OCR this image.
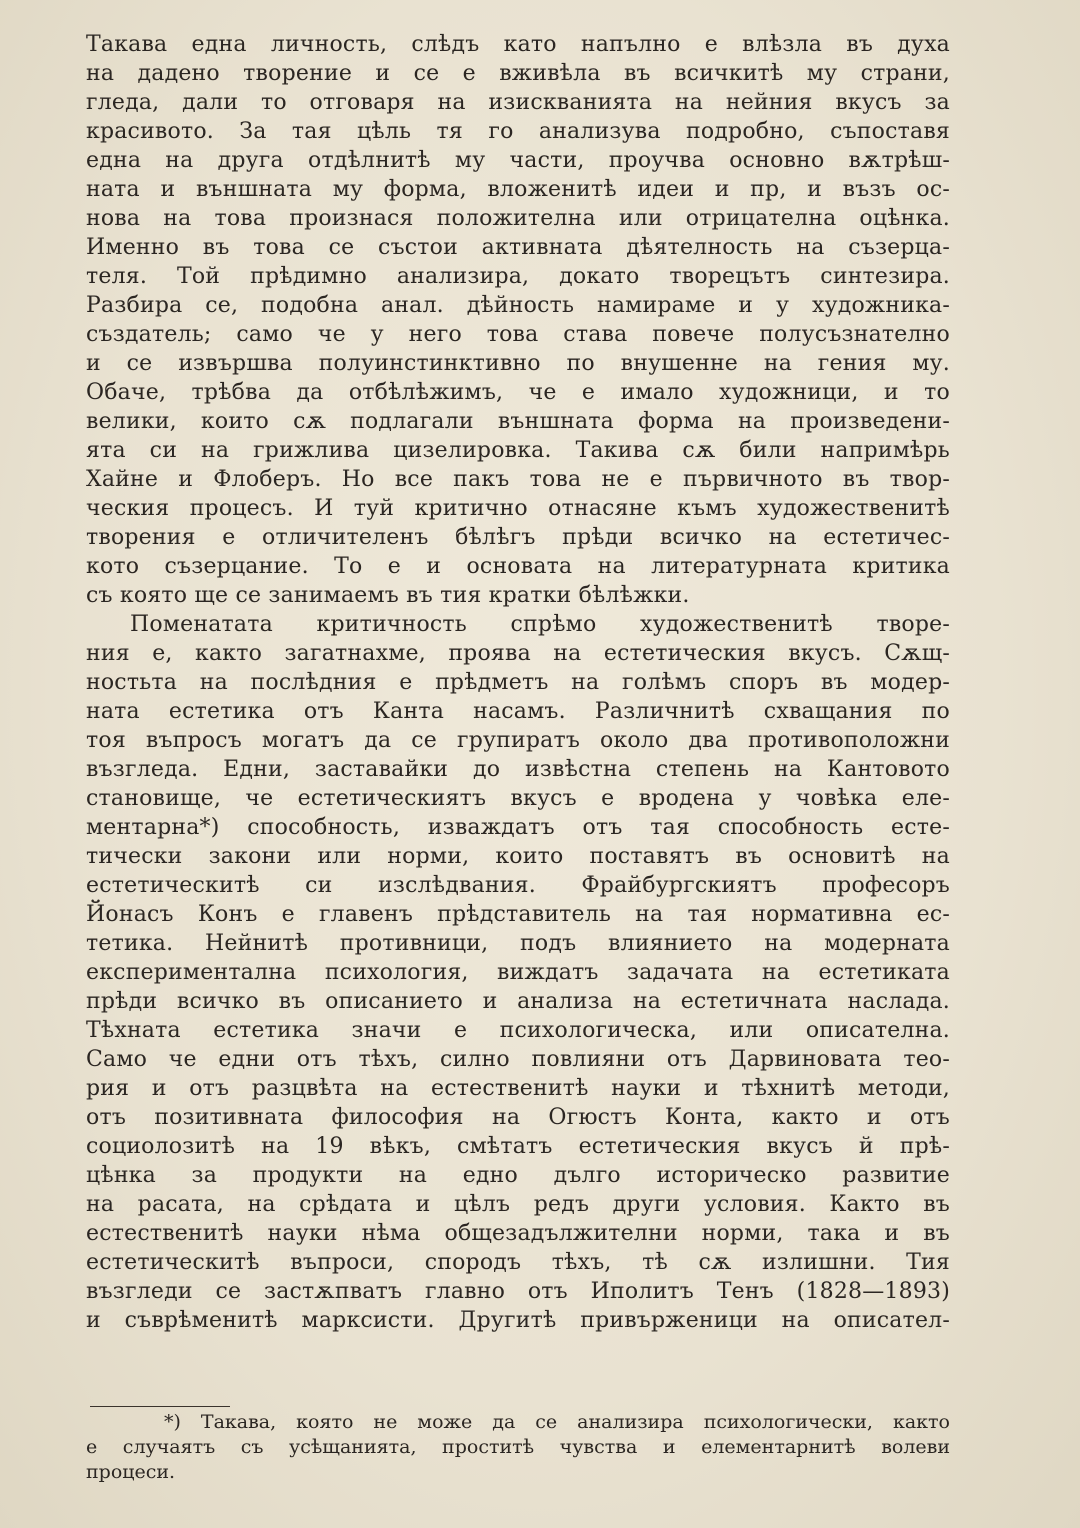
Такава една личность, слѣдъ като напълно е влѣзла въ духа
на дадено творение и се е вживѣла въ всичкитѣ му страни,
гледа, дали то отговаря на изискванията на нейния вкусъ за
красивото. За тая цѣль тя го анализува подробно, съпоставя
една на друга отдѣлнитѣ му части, проучва основно вѫтрѣш-
ната и външната му форма, вложенитѣ идеи и пр, и възъ ос-
нова на това произнася положителна или отрицателна оцѣнка.
Именно въ това се състои активната дѣятелность на съзерца-
теля. Той прѣдимно анализира, докато творецътъ синтезира.
Разбира се, подобна анал. дѣйность намираме и у художника-
създатель; само че у него това става повече полусъзнателно
и се извършва полуинстинктивно по внушенне на гения му.
Обаче, трѣбва да отбѣлѣжимъ, че е имало художници, и то
велики, които сѫ подлагали външната форма на произведени-
ята си на грижлива цизелировка. Такива сѫ били напримѣрь
Хайне и Флоберъ. Но все пакъ това не е първичното въ твор-
ческия процесъ. И туй критично отнасяне къмъ художественитѣ
творения е отличителенъ бѣлѣгъ прѣди всичко на естетичес-
кото съзерцание. То е и основата на литературната критика
съ която ще се занимаемъ въ тия кратки бѣлѣжки.
Поменатата критичность спрѣмо художественитѣ творе-
ния е, както загатнахме, проява на естетическия вкусъ. Сѫщ-
ностьта на послѣдния е прѣдметъ на голѣмъ споръ въ модер-
ната естетика отъ Канта насамъ. Различнитѣ схващания по
тоя въпросъ могатъ да се групиратъ около два противоположни
възгледа. Едни, заставайки до извѣстна степень на Кантовото
становище, че естетическиятъ вкусъ е вродена у човѣка еле-
ментарна*) способность, изваждатъ отъ тая способность есте-
тически закони или норми, които поставятъ въ основитѣ на
естетическитѣ си изслѣдвания. Фрайбургскиятъ професоръ
Йонасъ Конъ е главенъ прѣдставитель на тая нормативна ес-
тетика. Нейнитѣ противници, подъ влиянието на модерната
експериментална психология, виждатъ задачата на естетиката
прѣди всичко въ описанието и анализа на естетичната наслада.
Тѣхната естетика значи е психологическа, или описателна.
Само че едни отъ тѣхъ, силно повлияни отъ Дарвиновата тео-
рия и отъ разцвѣта на естественитѣ науки и тѣхнитѣ методи,
отъ позитивната философия на Огюстъ Конта, както и отъ
социолозитѣ на 19 вѣкъ, смѣтатъ естетическия вкусъ й прѣ-
цѣнка за продукти на едно дълго историческо развитие
на расата, на срѣдата и цѣлъ редъ други условия. Както въ
естественитѣ науки нѣма общезадължителни норми, така и въ
естетическитѣ въпроси, спородъ тѣхъ, тѣ сѫ излишни. Тия
възгледи се застѫпватъ главно отъ Иполитъ Тенъ (1828—1893)
и съврѣменитѣ марксисти. Другитѣ привърженици на описател-
*) Такава, която не може да се анализира психологически, както
е случаятъ съ усѣщанията, проститѣ чувства и елементарнитѣ волеви
процеси.
